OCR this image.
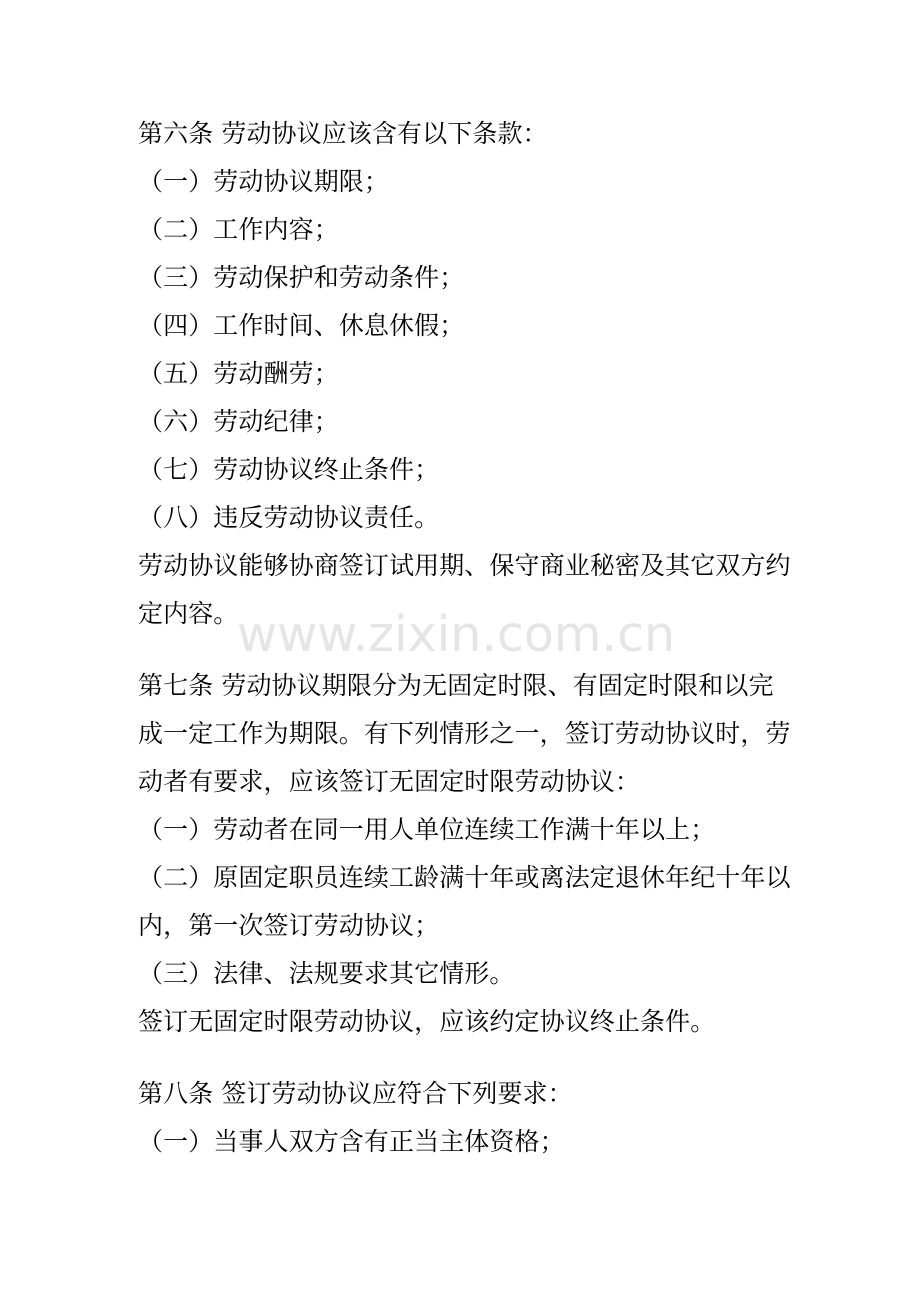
www.zixin.com.cn

第六条 劳动协议应该含有以下条款：

（一）劳动协议期限；

（二）工作内容；

（三）劳动保护和劳动条件；

（四）工作时间、休息休假；

（五）劳动酬劳；

（六）劳动纪律；

（七）劳动协议终止条件；

（八）违反劳动协议责任。

劳动协议能够协商签订试用期、保守商业秘密及其它双方约

定内容。

第七条 劳动协议期限分为无固定时限、有固定时限和以完

成一定工作为期限。有下列情形之一，签订劳动协议时，劳

动者有要求，应该签订无固定时限劳动协议：

（一）劳动者在同一用人单位连续工作满十年以上；

（二）原固定职员连续工龄满十年或离法定退休年纪十年以

内，第一次签订劳动协议；

（三）法律、法规要求其它情形。

签订无固定时限劳动协议，应该约定协议终止条件。

第八条 签订劳动协议应符合下列要求：

（一）当事人双方含有正当主体资格；
